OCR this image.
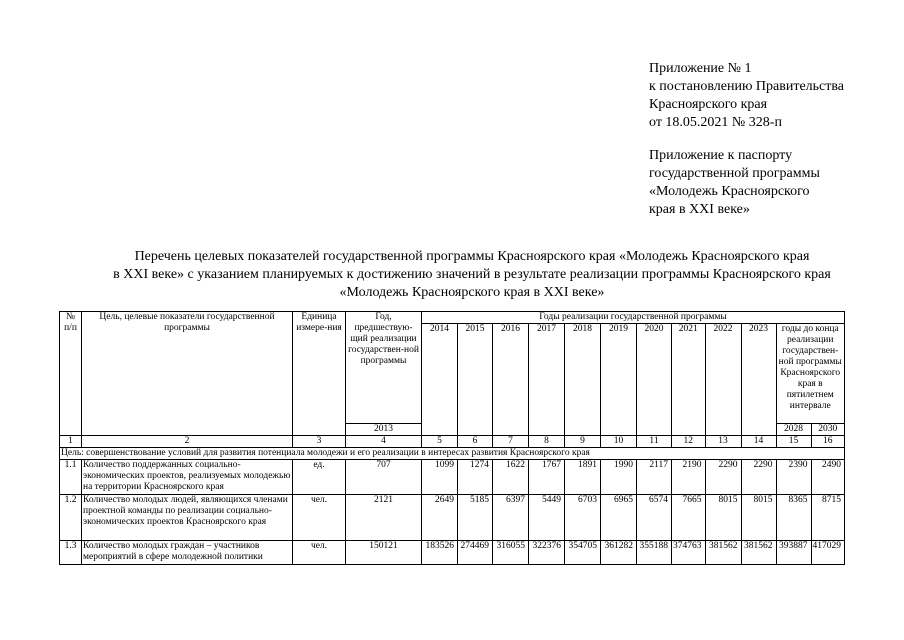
Приложение № 1
к постановлению Правительства
Красноярского края
от 18.05.2021 № 328-п
Приложение к паспорту
государственной программы
«Молодежь Красноярского
края в XXI веке»
Перечень целевых показателей государственной программы Красноярского края «Молодежь Красноярского края
в XXI веке» с указанием планируемых к достижению значений в результате реализации программы Красноярского края
«Молодежь Красноярского края в XXI веке»
№ п/п	Цель, целевые показатели государственной программы	Единица измере-ния	Год, предшествую-щий реализации государствен-ной программы	Годы реализации государственной программы											
				2014	2015	2016	2017	2018	2019	2020	2021	2022	2023	годы до конца реализации государствен-ной программы Красноярского края в пятилетнем интервале	
			2013											2028	2030
1	2	3	4	5	6	7	8	9	10	11	12	13	14	15	16
Цель: совершенствование условий для развития потенциала молодежи и его реализации в интересах развития Красноярского края															
1.1	Количество поддержанных социально-экономических проектов, реализуемых молодежью на территории Красноярского края	ед.	707	1099	1274	1622	1767	1891	1990	2117	2190	2290	2290	2390	2490
1.2	Количество молодых людей, являющихся членами проектной команды по реализации социально-экономических проектов Красноярского края	чел.	2121	2649	5185	6397	5449	6703	6965	6574	7665	8015	8015	8365	8715
1.3	Количество молодых граждан – участников мероприятий в сфере молодежной политики	чел.	150121	183526	274469	316055	322376	354705	361282	355188	374763	381562	381562	393887	417029
